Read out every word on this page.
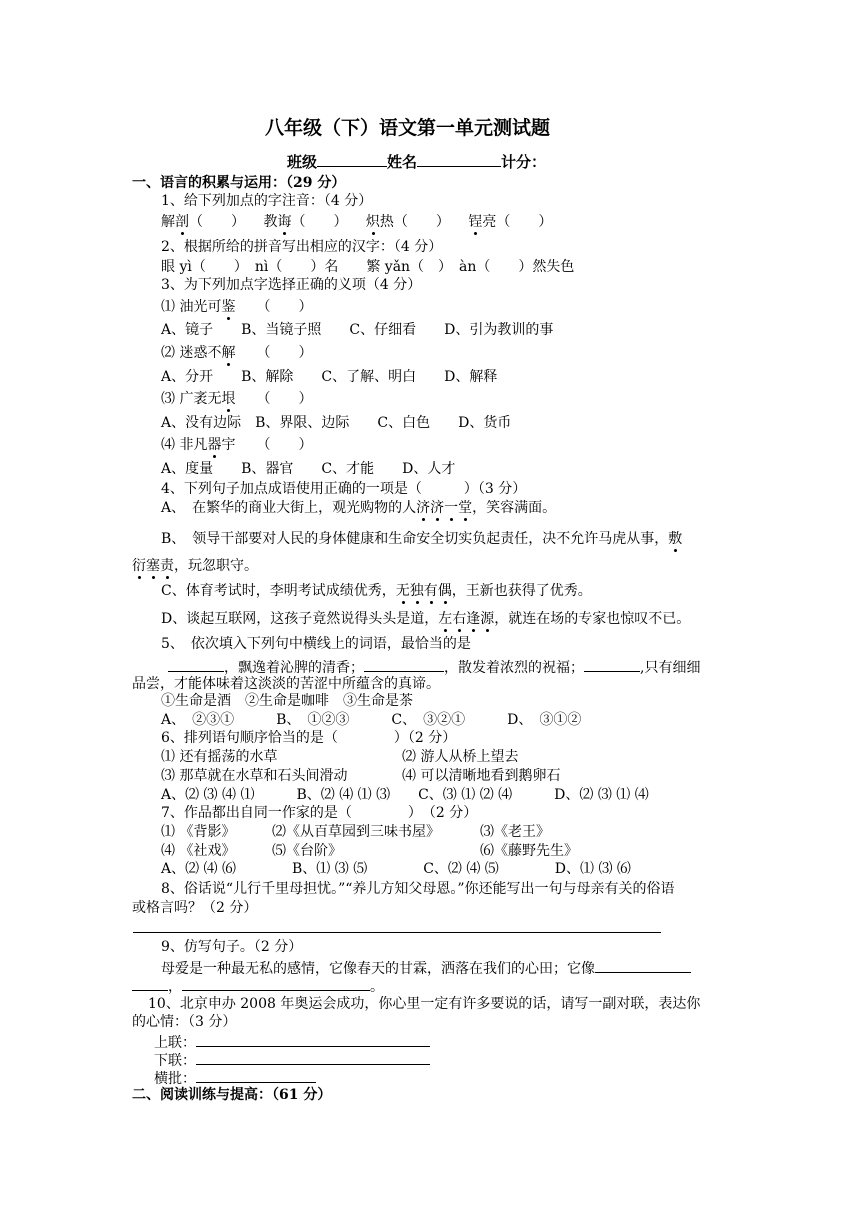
八年级（下）语文第一单元测试题
班级	姓名	计分：
一、语言的积累与运用：（29 分）
1、给下列加点的字注音：（4 分）
解剖（　　） 教诲（　　） 炽热（　　） 锃亮（　　）
2、根据所给的拼音写出相应的汉字：（4 分）
眼 yì（　　）　nì（　　）名　　繁 yǎn（　）　àn（　　）然失色
3、为下列加点字选择正确的义项（4 分）
⑴ 油光可鉴　　（　　）
A、镜子　　B、当镜子照　　C、仔细看　　D、引为教训的事
⑵ 迷惑不解　　（　　）
A、分开　　B、解除　　C、了解、明白　　D、解释
⑶ 广袤无垠　　（　　）
A、没有边际　B、界限、边际　　C、白色　　D、货币
⑷ 非凡器宇　　（　　）
A、度量　　B、器官　　C、才能　　D、人才
4、下列句子加点成语使用正确的一项是（　　　）（3 分）
A、　在繁华的商业大街上，观光购物的人济济一堂，笑容满面。
B、　领导干部要对人民的身体健康和生命安全切实负起责任，决不允许马虎从事，敷
衍塞责，玩忽职守。
C、体育考试时，李明考试成绩优秀，无独有偶，王新也获得了优秀。
D、谈起互联网，这孩子竟然说得头头是道，左右逢源，就连在场的专家也惊叹不已。
5、　依次填入下列句中横线上的词语，最恰当的是
，飘逸着沁脾的清香；	，散发着浓烈的祝福；	,只有细细
品尝，才能体味着这淡淡的苦涩中所蕴含的真谛。
①生命是酒　②生命是咖啡　③生命是茶
A、　②③①　　　B、　①②③　　　C、　③②①　　　D、　③①②
6、排列语句顺序恰当的是（　　　　）（2 分）
⑴ 还有摇荡的水草	⑵ 游人从桥上望去
⑶ 那草就在水草和石头间滑动	⑷ 可以清晰地看到鹅卵石
A、⑵ ⑶ ⑷ ⑴　　　B、⑵ ⑷ ⑴ ⑶　　C、⑶ ⑴ ⑵ ⑷　　　D、⑵ ⑶ ⑴ ⑷
7、作品都出自同一作家的是（　　　　）　（2 分）
⑴ 《背影》	⑵《从百草园到三味书屋》	⑶《老王》
⑷ 《社戏》	⑸《台阶》	⑹《藤野先生》
A、⑵ ⑷ ⑹　　　　B、⑴ ⑶ ⑸　　　　C、⑵ ⑷ ⑸　　　　D、⑴ ⑶ ⑹
8、俗话说“儿行千里母担忧。”“养儿方知父母恩。”你还能写出一句与母亲有关的俗语
或格言吗？（2 分）
9、仿写句子。（2 分）
母爱是一种最无私的感情，它像春天的甘霖，洒落在我们的心田；它像
，	。
10、北京申办 2008 年奥运会成功，你心里一定有许多要说的话，请写一副对联，表达你
的心情：（3 分）
上联：
下联：
横批：
二、阅读训练与提高：（61 分）
